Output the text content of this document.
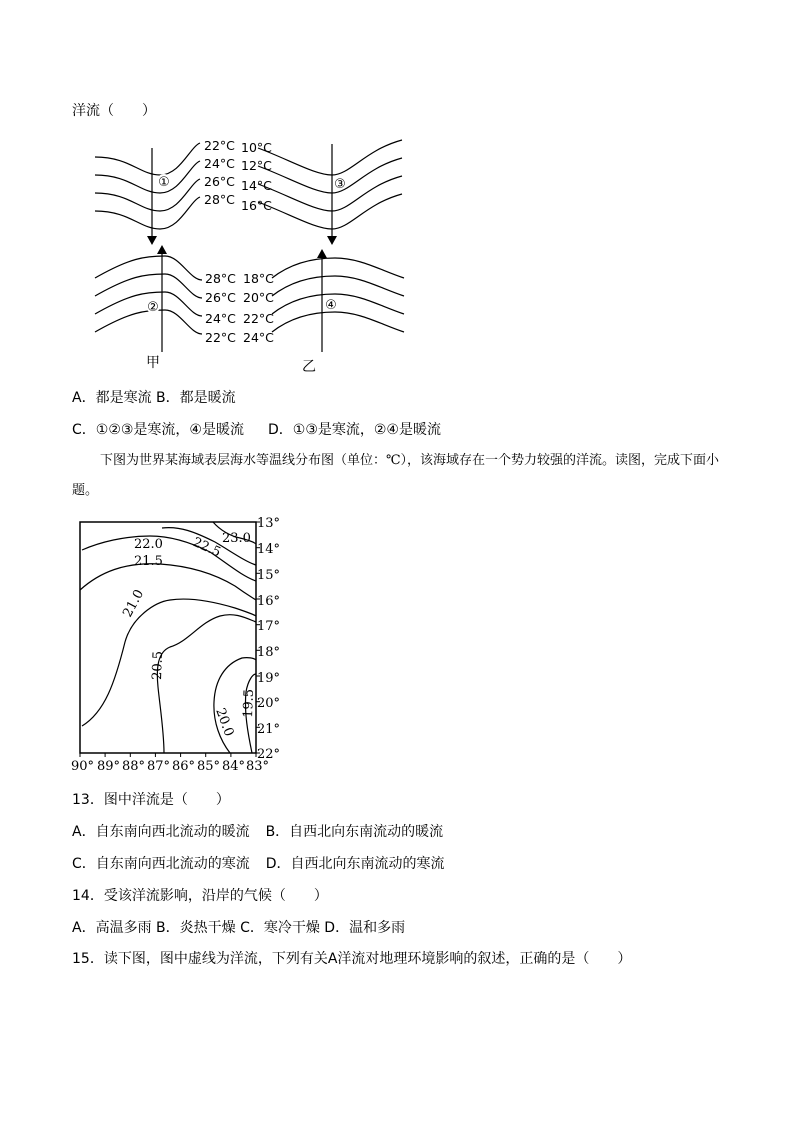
洋流（　　）
①
②
③
④
22°C
24°C
26°C
28°C
28°C
26°C
24°C
22°C
10°C
12°C
14°C
16°C
18°C
20°C
22°C
24°C
甲	乙
A．都是寒流 B．都是暖流
C．①②③是寒流，④是暖流 D．①③是寒流，②④是暖流
下图为世界某海域表层海水等温线分布图（单位：℃），该海域存在一个势力较强的洋流。读图，完成下面小题。
23.0
22.5
22.0
21.5
21.0
20.5
20.0
19.5
13°
14°
15°
16°
17°
18°
19°
20°
21°
22°
90° 89° 88° 87° 86° 85° 84° 83°
13．图中洋流是（　　）
A．自东南向西北流动的暖流 B．自西北向东南流动的暖流
C．自东南向西北流动的寒流 D．自西北向东南流动的寒流
14．受该洋流影响，沿岸的气候（　　）
A．高温多雨 B．炎热干燥 C．寒冷干燥 D．温和多雨
15．读下图，图中虚线为洋流，下列有关A洋流对地理环境影响的叙述，正确的是（　　）
